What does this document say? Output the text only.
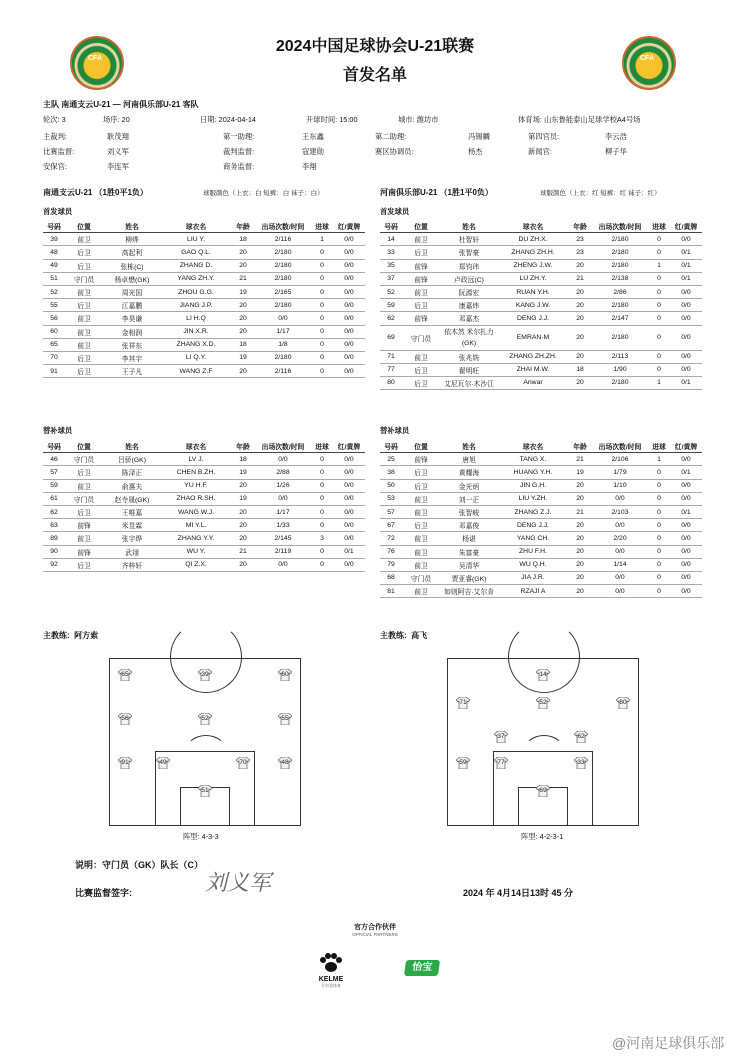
CFA	CFA
2024中国足球协会U-21联赛
首发名单
主队 南通支云U-21 — 河南俱乐部U-21 客队
轮次: 3	场序: 20	日期: 2024-04-14	开球时间: 15:00	城市: 潍坊市	体育场: 山东鲁能泰山足球学校A4号场
主裁判:	耿茂翔	第一助理:	王东鑫	第二助理:	冯锡麟	第四官员:	李云浩
比赛监督:	刘义军	裁判监督:	寇建勋	赛区协调员:	杨杰	新闻官:	柳子华
安保官:	李连军	商务监督:	李翔
南通支云U-21 （1胜0平1负）	球服颜色（上衣：白 短裤：白 袜子：白）	河南俱乐部U-21 （1胜1平0负）	球服颜色（上衣：红 短裤：红 袜子：红）
首发球员	首发球员
替补球员	替补球员
号码	位置	姓名	球衣名	年龄	出场次数/时间	进球	红/黄牌
39	前卫	柳烨	LIU Y.	18	2/116	1	0/0
48	后卫	高起利	GAO Q.L.	20	2/180	0	0/0
49	后卫	张栋(C)	ZHANG D.	20	2/180	0	0/0
51	守门员	杨卓懋(GK)	YANG ZH.Y.	21	2/180	0	0/0
52	前卫	周光国	ZHOU G.G.	19	2/165	0	0/0
55	后卫	江嘉鹏	JIANG J.P.	20	2/180	0	0/0
56	前卫	李昊谦	LI H.Q	20	0/0	0	0/0
60	前卫	金相润	JIN X.R.	20	1/17	0	0/0
65	前卫	张祥东	ZHANG X.D.	18	1/8	0	0/0
70	后卫	李其宇	LI Q.Y.	19	2/180	0	0/0
91	后卫	王子凡	WANG Z.F	20	2/116	0	0/0
号码	位置	姓名	球衣名	年龄	出场次数/时间	进球	红/黄牌
14	前卫	杜智轩	DU ZH.X.	23	2/180	0	0/0
33	后卫	张智豪	ZHANG ZH.H.	23	2/180	0	0/1
35	前锋	郑钧玮	ZHENG J.W.	20	2/180	1	0/1
37	前锋	卢政远(C)	LU ZH.Y.	21	2/138	0	0/1
52	前卫	阮源宏	RUAN Y.H.	20	2/86	0	0/0
59	后卫	康嘉炜	KANG J.W.	20	2/180	0	0/0
62	前锋	邓嘉杰	DENG J.J.	20	2/147	0	0/0
69	守门员	依木然 米尔扎力(GK)	EMRAN·M	20	2/180	0	0/0
71	前卫	张兆铣	ZHANG ZH.ZH.	20	2/113	0	0/0
77	后卫	翟明旺	ZHAI M.W.	18	1/90	0	0/0
80	后卫	艾尼瓦尔·木沙江	Anwar	20	2/180	1	0/1
号码	位置	姓名	球衣名	年龄	出场次数/时间	进球	红/黄牌
46	守门员	吕骄(GK)	LV J.	18	0/0	0	0/0
57	后卫	陈泽正	CHEN B.ZH.	19	2/88	0	0/0
59	前卫	俞惠夫	YU H.F.	20	1/26	0	0/0
61	守门员	赵寺晟(GK)	ZHAO R.SH.	19	0/0	0	0/0
62	后卫	王唯嘉	WANG W.J.	20	1/17	0	0/0
63	前锋	米昱霖	MI Y.L.	20	1/33	0	0/0
89	前卫	张宇烨	ZHANG Y.Y.	20	2/145	3	0/0
90	前锋	武翊	WU Y.	21	2/119	0	0/1
92	后卫	齐梓轩	QI Z.X.	20	0/0	0	0/0
号码	位置	姓名	球衣名	年龄	出场次数/时间	进球	红/黄牌
25	前锋	唐旭	TANG X.	21	2/106	1	0/0
38	后卫	黄耀海	HUANG Y.H.	19	1/79	0	0/1
50	后卫	金光炳	JIN G.H.	20	1/10	0	0/0
53	前卫	刘一正	LIU Y.ZH.	20	0/0	0	0/0
57	前卫	张智峻	ZHANG Z.J.	21	2/103	0	0/1
67	后卫	邓嘉俊	DENG J.J.	20	0/0	0	0/0
72	前卫	杨谌	YANG CH.	20	2/20	0	0/0
76	前卫	朱富豪	ZHU F.H.	20	0/0	0	0/0
79	前卫	吴清华	WU Q.H.	20	1/14	0	0/0
68	守门员	贾亚睿(GK)	JIA J.R.	20	0/0	0	0/0
81	前卫	如则阿吉·艾尔肯	RZAJI A	20	0/0	0	0/0
主教练: 阿方索	主教练: 高飞
65	39	60
56	52	55
91	49	70	48
51
14
71	52	80
37	62
59	77	33
69
阵型: 4-3-3	阵型: 4-2-3-1
说明：守门员（GK）队长（C）
比赛监督签字:	刘义军	2024 年 4月14日13时 45 分
官方合作伙伴
OFFICIAL PARTNERS
KELME
卡尔美体育
怡宝
@河南足球俱乐部
